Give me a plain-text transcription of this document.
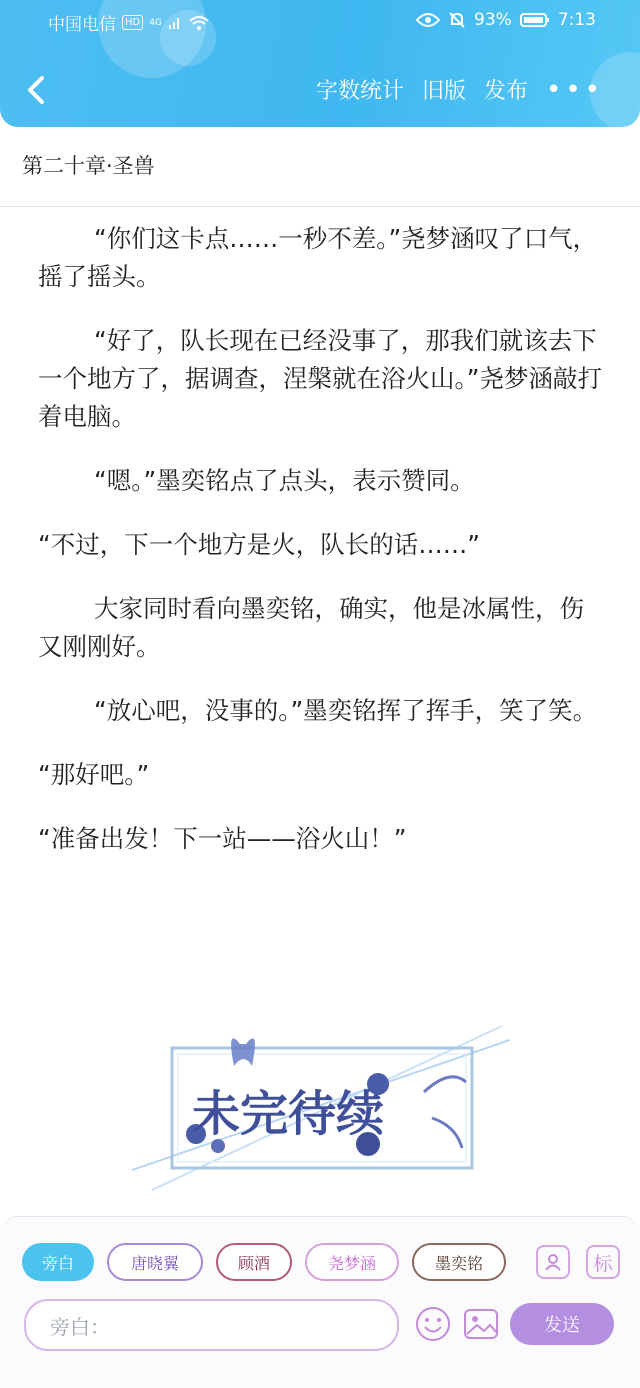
中国电信 HD	4G	93%	7:13
字数统计 旧版 发布 •••
第二十章·圣兽

“你们这卡点……一秒不差。”尧梦涵叹了口气，摇了摇头。

“好了，队长现在已经没事了，那我们就该去下一个地方了，据调查，涅槃就在浴火山。”尧梦涵敲打着电脑。

“嗯。”墨奕铭点了点头，表示赞同。

“不过，下一个地方是火，队长的话……”

大家同时看向墨奕铭，确实，他是冰属性，伤又刚刚好。

“放心吧，没事的。”墨奕铭挥了挥手，笑了笑。

“那好吧。”

“准备出发！下一站——浴火山！”

未完待续
旁白	唐晓翼	顾酒	尧梦涵	墨奕铭	标
旁白：	发送
